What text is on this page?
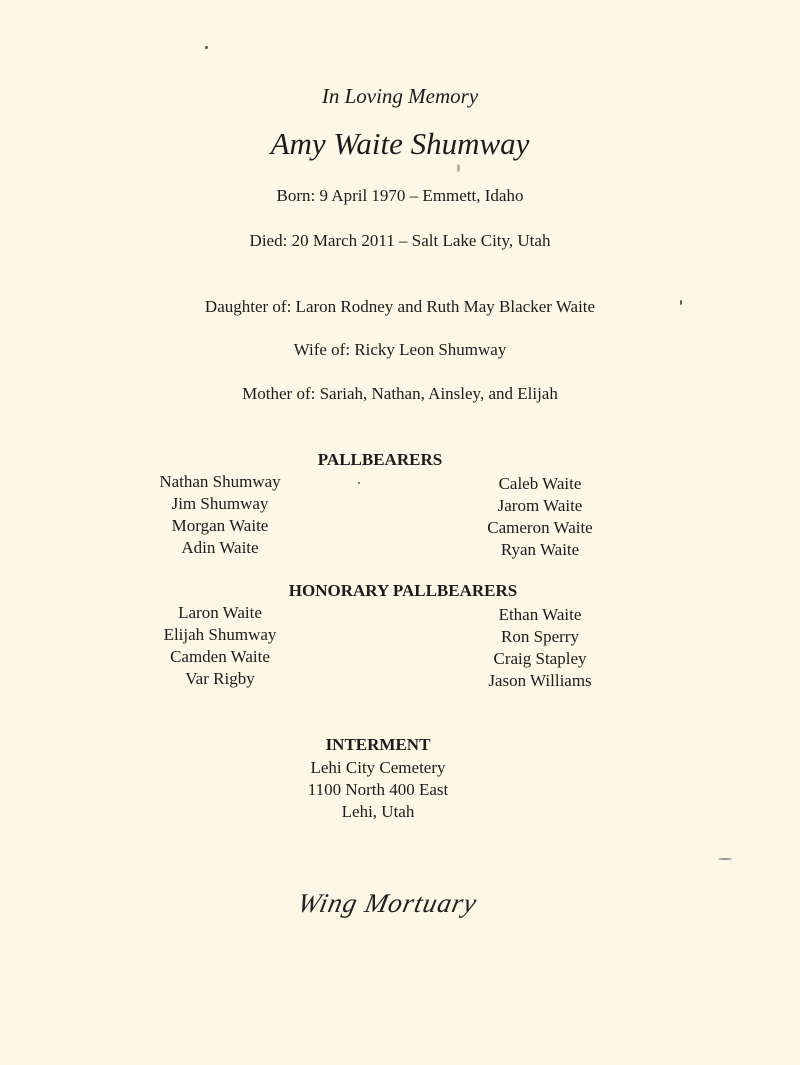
In Loving Memory
Amy Waite Shumway
Born: 9 April 1970 – Emmett, Idaho
Died: 20 March 2011 – Salt Lake City, Utah
Daughter of: Laron Rodney and Ruth May Blacker Waite
Wife of: Ricky Leon Shumway
Mother of: Sariah, Nathan, Ainsley, and Elijah
PALLBEARERS
Nathan Shumway
Jim Shumway
Morgan Waite
Adin Waite
Caleb Waite
Jarom Waite
Cameron Waite
Ryan Waite
HONORARY PALLBEARERS
Laron Waite
Elijah Shumway
Camden Waite
Var Rigby
Ethan Waite
Ron Sperry
Craig Stapley
Jason Williams
INTERMENT
Lehi City Cemetery
1100 North 400 East
Lehi, Utah
Wing Mortuary
